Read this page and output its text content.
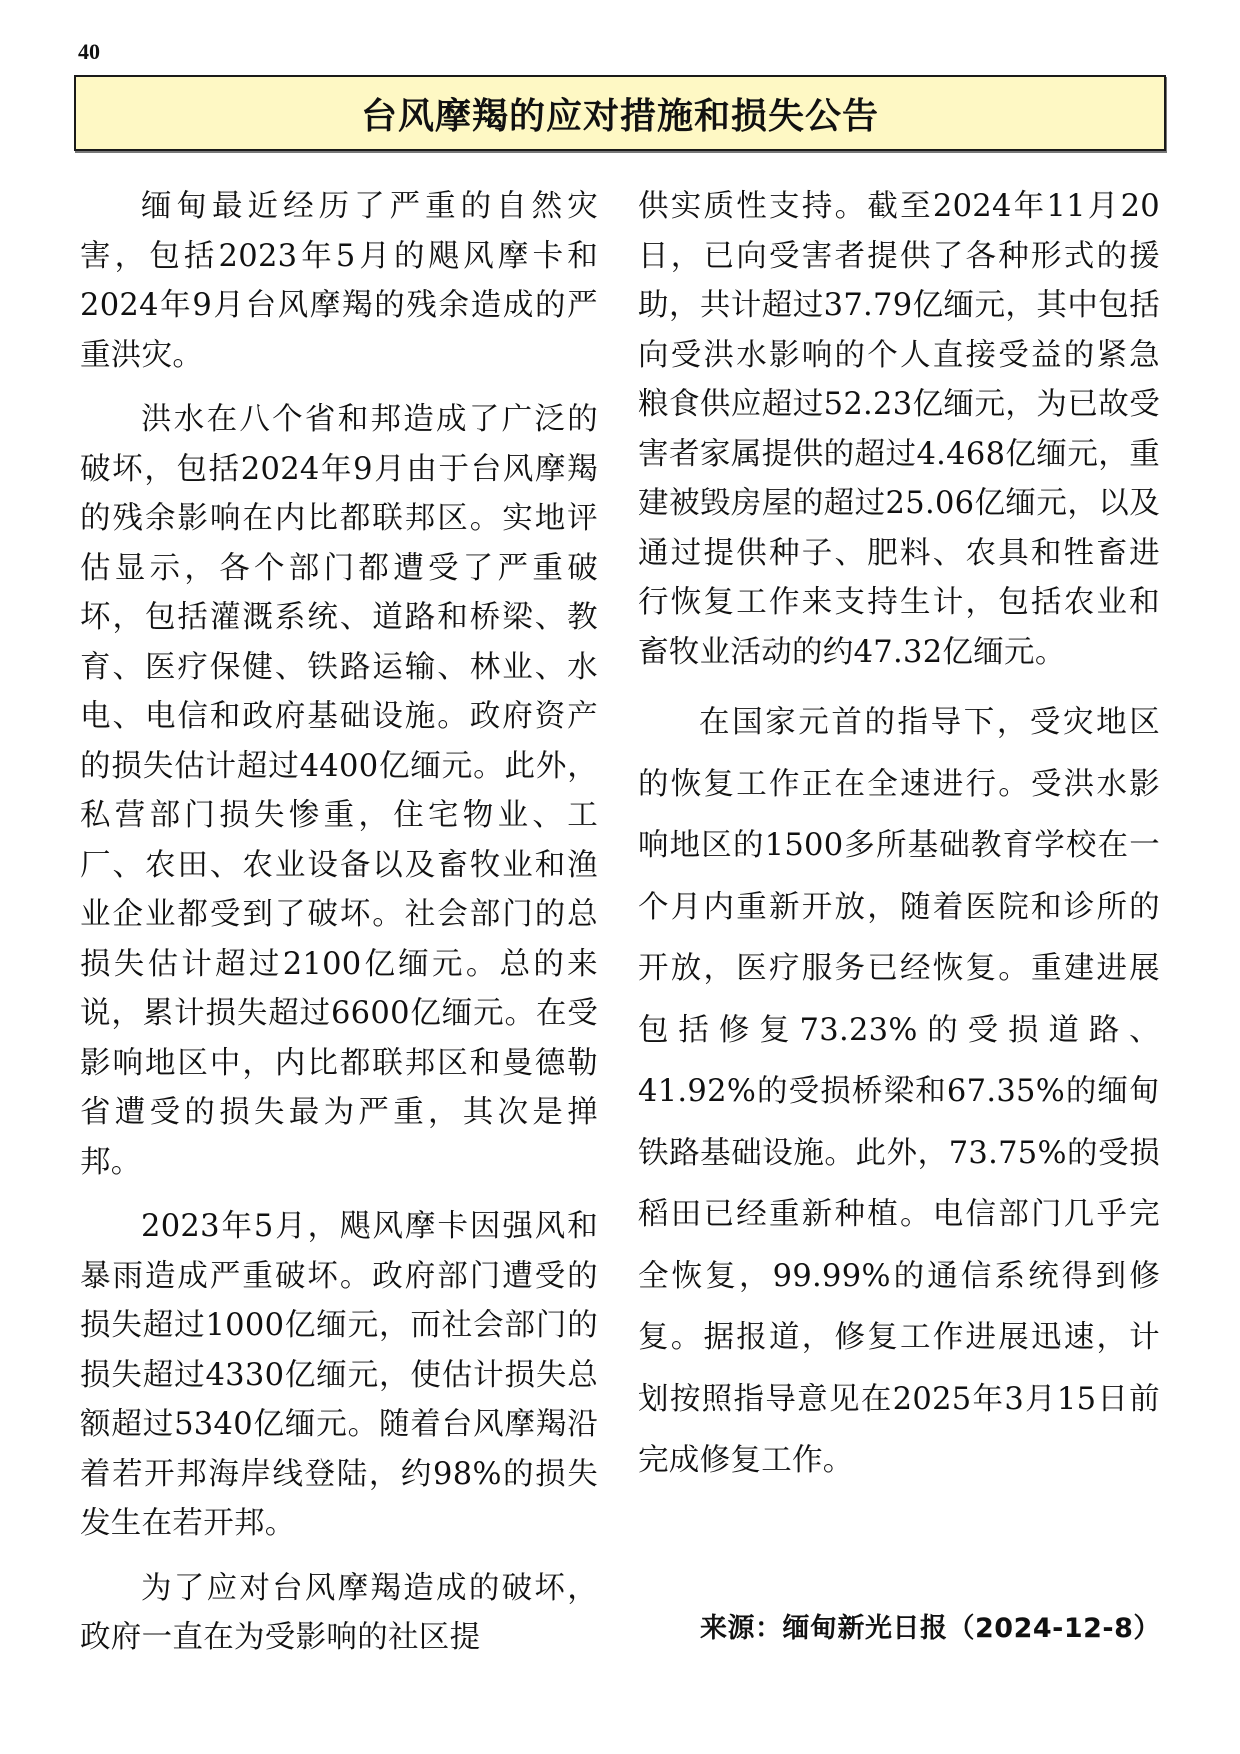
40
台风摩羯的应对措施和损失公告

缅甸最近经历了严重的自然灾害，包括2023年5月的飓风摩卡和2024年9月台风摩羯的残余造成的严重洪灾。

洪水在八个省和邦造成了广泛的破坏，包括2024年9月由于台风摩羯的残余影响在内比都联邦区。实地评估显示，各个部门都遭受了严重破坏，包括灌溉系统、道路和桥梁、教育、医疗保健、铁路运输、林业、水电、电信和政府基础设施。政府资产的损失估计超过4400亿缅元。此外，私营部门损失惨重，住宅物业、工厂、农田、农业设备以及畜牧业和渔业企业都受到了破坏。社会部门的总损失估计超过2100亿缅元。总的来说，累计损失超过6600亿缅元。在受影响地区中，内比都联邦区和曼德勒省遭受的损失最为严重，其次是掸邦。

2023年5月，飓风摩卡因强风和暴雨造成严重破坏。政府部门遭受的损失超过1000亿缅元，而社会部门的损失超过4330亿缅元，使估计损失总额超过5340亿缅元。随着台风摩羯沿着若开邦海岸线登陆，约98%的损失发生在若开邦。

为了应对台风摩羯造成的破坏，政府一直在为受影响的社区提

供实质性支持。截至2024年11月20日，已向受害者提供了各种形式的援助，共计超过37.79亿缅元，其中包括向受洪水影响的个人直接受益的紧急粮食供应超过52.23亿缅元，为已故受害者家属提供的超过4.468亿缅元，重建被毁房屋的超过25.06亿缅元，以及通过提供种子、肥料、农具和牲畜进行恢复工作来支持生计，包括农业和畜牧业活动的约47.32亿缅元。

在国家元首的指导下，受灾地区的恢复工作正在全速进行。受洪水影响地区的1500多所基础教育学校在一个月内重新开放，随着医院和诊所的开放，医疗服务已经恢复。重建进展包括修复73.23%的受损道路、41.92%的受损桥梁和67.35%的缅甸铁路基础设施。此外，73.75%的受损稻田已经重新种植。电信部门几乎完全恢复，99.99%的通信系统得到修复。据报道，修复工作进展迅速，计划按照指导意见在2025年3月15日前完成修复工作。

来源：缅甸新光日报（2024-12-8）
